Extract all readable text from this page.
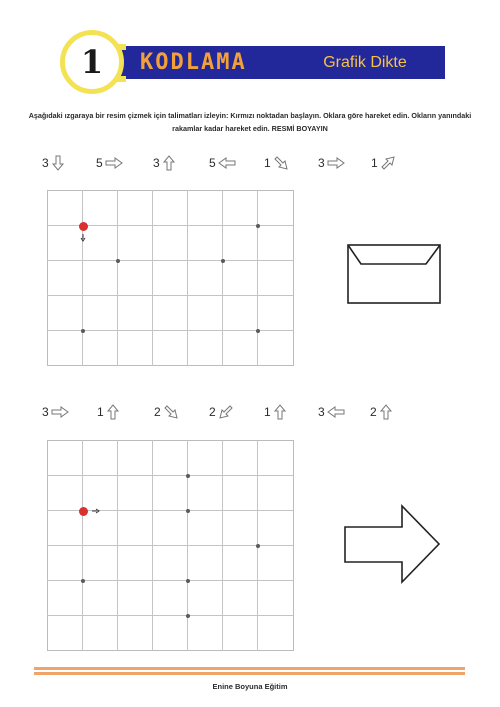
1	KODLAMA	Grafik Dikte
Aşağıdaki ızgaraya bir resim çizmek için talimatları izleyin: Kırmızı noktadan başlayın. Oklara göre hareket edin. Okların yanındaki rakamlar kadar hareket edin. RESMİ BOYAYIN
3	5	3	5	1	3	1
3	1	2	2	1	3	2
Enine Boyuna Eğitim
